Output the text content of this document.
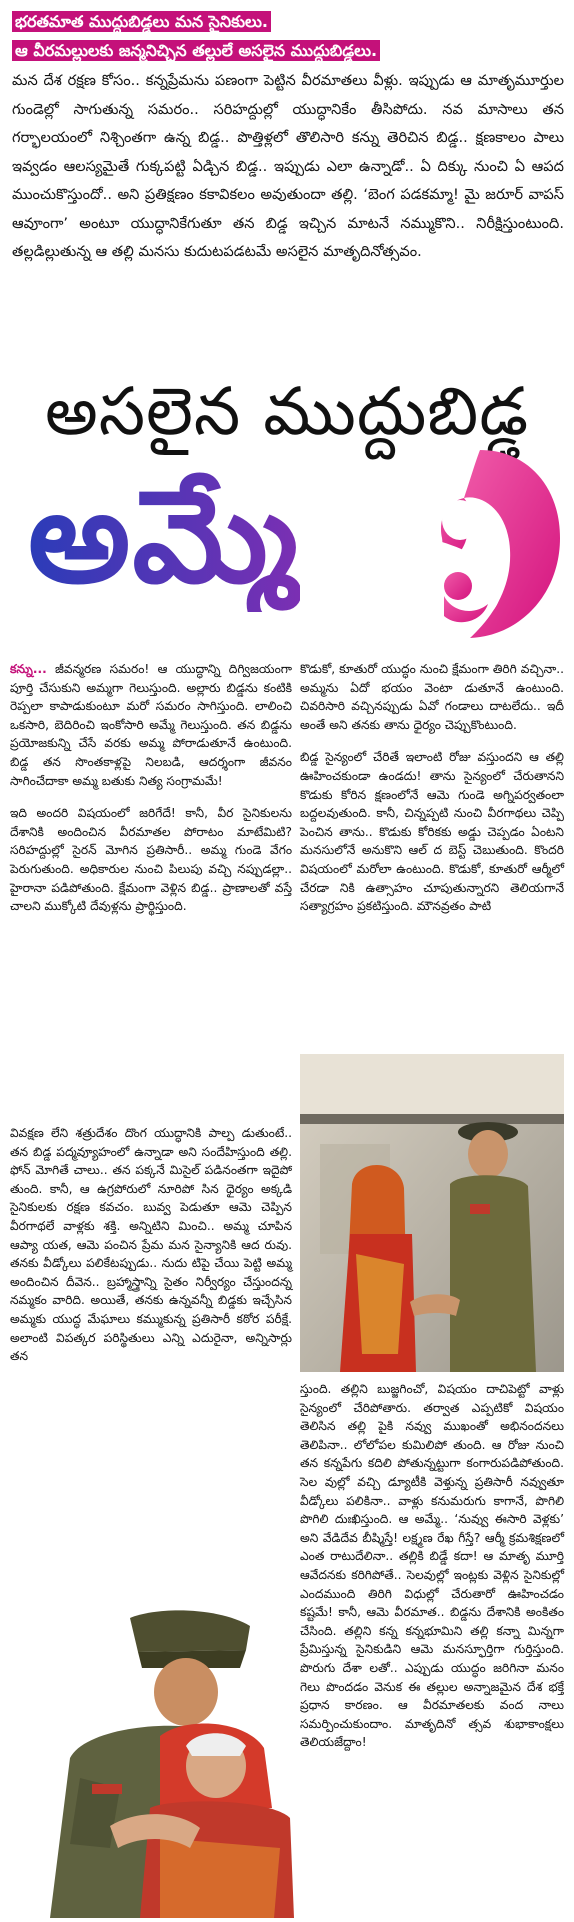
భరతమాత ముద్దుబిడ్డలు మన సైనికులు.
ఆ వీరమల్లులకు జన్మనిచ్చిన తల్లులే అసలైన ముద్దుబిడ్డలు.
మన దేశ రక్షణ కోసం.. కన్నప్రేమను పణంగా పెట్టిన వీరమాతలు వీళ్లు. ఇప్పుడు ఆ మాతృమూర్తుల గుండెల్లో సాగుతున్న సమరం.. సరిహద్దుల్లో యుద్ధానికేం తీసిపోదు. నవ మాసాలు తన గర్భాలయంలో నిశ్చింతగా ఉన్న బిడ్డ.. పొత్తిళ్లలో తొలిసారి కన్ను తెరిచిన బిడ్డ.. క్షణకాలం పాలు ఇవ్వడం ఆలస్యమైతే గుక్కపట్టి ఏడ్చిన బిడ్డ.. ఇప్పుడు ఎలా ఉన్నాడో.. ఏ దిక్కు నుంచి ఏ ఆపద ముంచుకొస్తుందో.. అని ప్రతిక్షణం కకావికలం అవుతుందా తల్లి. ‘బెంగ పడకమ్మా! మై జరూర్‌ వాపస్‌ ఆవూంగా’ అంటూ యుద్ధానికేగుతూ తన బిడ్డ ఇచ్చిన మాటనే నమ్ముకొని.. నిరీక్షిస్తుంటుంది. తల్లడిల్లుతున్న ఆ తల్లి మనసు కుదుటపడటమే అసలైన మాతృదినోత్సవం.
అసలైన ముద్దుబిడ్డ
అమ్మే

కన్ను... జీవన్మరణ సమరం! ఆ యుద్ధాన్ని దిగ్విజయంగా పూర్తి చేసుకుని అమ్మగా గెలుస్తుంది. అల్లారు బిడ్డను కంటికి రెప్పలా కాపాడుకుంటూ మరో సమరం సాగిస్తుంది. లాలించి ఒకసారి, బెదిరించి ఇంకోసారి అమ్మే గెలుస్తుంది. తన బిడ్డను ప్రయోజకున్ని చేసే వరకు అమ్మ పోరాడుతూనే ఉంటుంది. బిడ్డ తన సొంతకాళ్లపై నిలబడి, ఆదర్శంగా జీవనం సాగించేదాకా అమ్మ బతుకు నిత్య సంగ్రామమే!

ఇది అందరి విషయంలో జరిగేదే! కానీ, వీర సైనికులను దేశానికి అందించిన వీరమాతల పోరాటం మాటేమిటి? సరిహద్దుల్లో సైరన్‌ మోగిన ప్రతిసారీ.. అమ్మ గుండె వేగం పెరుగుతుంది. అధికారుల నుంచి పిలుపు వచ్చి నప్పుడల్లా.. హైరానా పడిపోతుంది. క్షేమంగా వెళ్లిన బిడ్డ.. ప్రాణాలతో వస్తే చాలని ముక్కోటి దేవుళ్లను ప్రార్థిస్తుంది.

వివక్షణ లేని శత్రుదేశం దొంగ యుద్ధానికి పాల్ప డుతుంటే.. తన బిడ్డ పద్మవ్యూహంలో ఉన్నాడా అని సందేహిస్తుంది తల్లి. ఫోన్‌ మోగితే చాలు.. తన పక్కనే మిసైల్‌ పడినంతగా ఇదైపో తుంది. కానీ, ఆ ఉగ్రపోరులో నూరిపో సిన ధైర్యం అక్కడి సైనికులకు రక్షణ కవచం. బువ్వ పెడుతూ ఆమె చెప్పిన వీరగాథలే వాళ్లకు శక్తి. అన్నిటిని మించి.. అమ్మ చూపిన ఆప్యా యత, ఆమె పంచిన ప్రేమ మన సైన్యానికి ఆద రువు. తనకు వీడ్కోలు పలికేటప్పుడు.. నుదు టిపై చేయి పెట్టి అమ్మ అందించిన దీవెన.. బ్రహ్మాస్త్రాన్ని సైతం నిర్వీర్యం చేస్తుందన్న నమ్మకం వారిది. అయితే, తనకు ఉన్నవన్నీ బిడ్డకు ఇచ్చేసిన అమ్మకు యుద్ధ మేఘాలు కమ్ముకున్న ప్రతిసారీ కఠోర పరీక్షే. అలాంటి విపత్కర పరిస్థితులు ఎన్ని ఎదురైనా, అన్నిసార్లు తన

కొడుకో, కూతురో యుద్ధం నుంచి క్షేమంగా తిరిగి వచ్చినా.. అమ్మను ఏదో భయం వెంటా డుతూనే ఉంటుంది. చివరిసారి వచ్చినప్పుడు ఏవో గండాలు దాటలేదు.. ఇదీ అంతే అని తనకు తాను ధైర్యం చెప్పుకొంటుంది.

బిడ్డ సైన్యంలో చేరితే ఇలాంటి రోజు వస్తుందని ఆ తల్లి ఊహించకుండా ఉండదు! తాను సైన్యంలో చేరుతానని కొడుకు కోరిన క్షణంలోనే ఆమె గుండె అగ్నిపర్వతంలా బద్దలవుతుంది. కానీ, చిన్నప్పటి నుంచి వీరగాథలు చెప్పి పెంచిన తాను.. కొడుకు కోరికకు అడ్డు చెప్పడం ఏంటని మనసులోనే అనుకొని ఆల్‌ ద బెస్ట్‌ చెబుతుంది. కొందరి విషయంలో మరోలా ఉంటుంది. కొడుకో, కూతురో ఆర్మీలో చేరడా నికి ఉత్సాహం చూపుతున్నారని తెలియగానే సత్యాగ్రహం ప్రకటిస్తుంది. మౌనవ్రతం పాటి

స్తుంది. తల్లిని బుజ్జగించో, విషయం దాచిపెట్టో వాళ్లు సైన్యంలో చేరిపోతారు. తర్వాత ఎప్పటికో విషయం తెలిసిన తల్లి పైకి నవ్వు ముఖంతో అభినందనలు తెలిపినా.. లోలోపల కుమిలిపో తుంది. ఆ రోజు నుంచి తన కన్నపేగు కదిలి పోతున్నట్టుగా కంగారుపడిపోతుంది. సెల వుల్లో వచ్చి డ్యూటీకి వెళ్తున్న ప్రతిసారీ నవ్వుతూ వీడ్కోలు పలికినా.. వాళ్లు కనుమరుగు కాగానే, పొగిలి పొగిలి దుఃఖిస్తుంది. ఆ అమ్మే.. ‘నువ్వు ఈసారి వెళ్లకు’ అని వేడిదేవ బీష్మిస్తే! లక్ష్మణ రేఖ గీస్తే? ఆర్మీ క్రమశిక్షణలో ఎంత రాటుదేలినా.. తల్లికి బిడ్డే కదా! ఆ మాతృ మూర్తి ఆవేదనకు కరిగిపోతే.. సెలవుల్లో ఇంట్లకు వెళ్లిన సైనికుల్లో ఎందముంది తిరిగి విధుల్లో చేరుతారో ఊహించడం కష్టమే! కానీ, ఆమె వీరమాత.. బిడ్డను దేశానికి అంకితం చేసింది. తల్లిని కన్న కన్నభూమిని తల్లి కన్నా మిన్నగా ప్రేమిస్తున్న సైనికుడిని ఆమె మనస్ఫూర్తిగా గుర్తిస్తుంది. పొరుగు దేశా లతో.. ఎప్పుడు యుద్ధం జరిగినా మనం గెలు పొందడం వెనుక ఈ తల్లుల అన్నాజమైన దేశ భక్తే ప్రధాన కారణం. ఆ వీరమాతలకు వంద నాలు సమర్పించుకుందాం. మాతృదినో త్సవ శుభాకాంక్షలు తెలియజేద్దాం!
